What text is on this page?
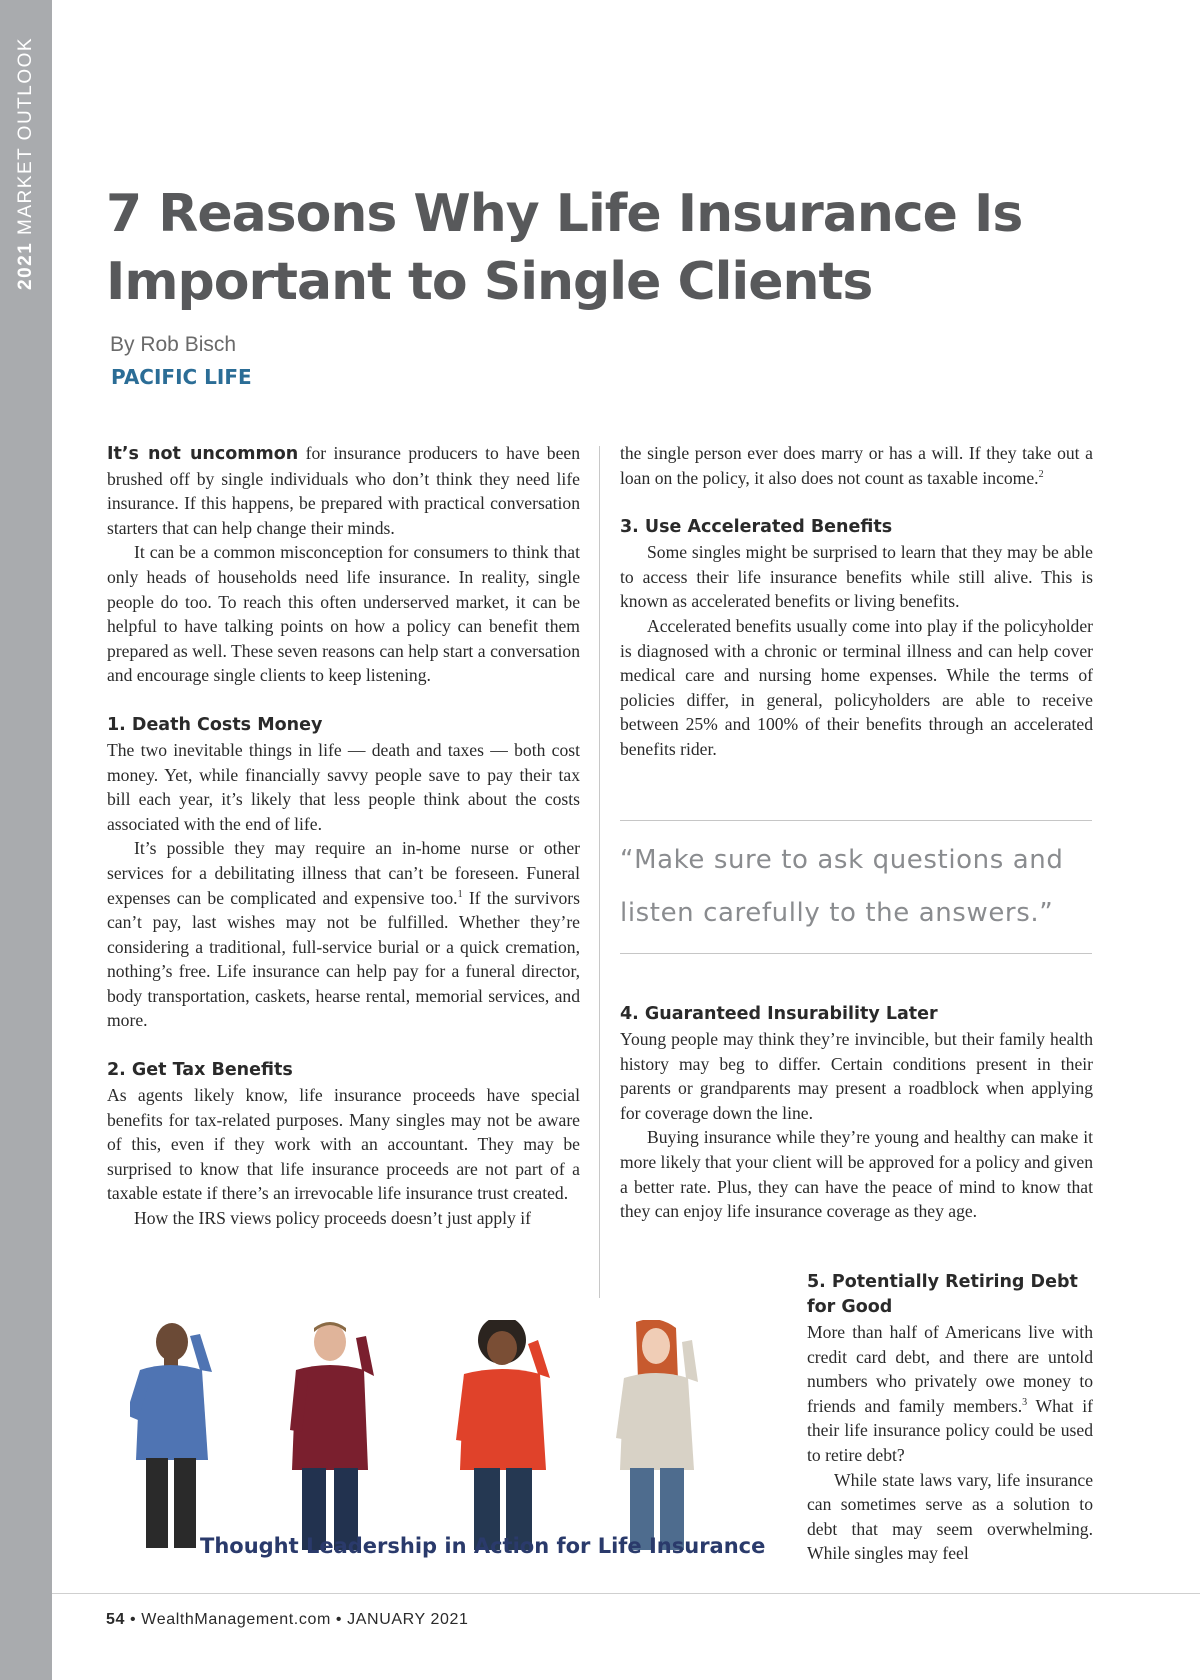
2021 MARKET OUTLOOK 7 Reasons Why Life Insurance Is
Important to Single Clients
By Rob Bisch
PACIFIC LIFE

It’s not uncommon for insurance producers to have been brushed off by single individuals who don’t think they need life insurance. If this happens, be prepared with practical conversation starters that can help change their minds.

It can be a common misconception for consumers to think that only heads of households need life insurance. In reality, single people do too. To reach this often underserved market, it can be helpful to have talking points on how a policy can benefit them prepared as well. These seven reasons can help start a conversation and encourage single clients to keep listening.

1. Death Costs Money

The two inevitable things in life — death and taxes — both cost money. Yet, while financially savvy people save to pay their tax bill each year, it’s likely that less people think about the costs associated with the end of life.

It’s possible they may require an in-home nurse or other services for a debilitating illness that can’t be foreseen. Funeral expenses can be complicated and expensive too.$^1$ If the survivors can’t pay, last wishes may not be fulfilled. Whether they’re considering a traditional, full-service burial or a quick cremation, nothing’s free. Life insurance can help pay for a funeral director, body transportation, caskets, hearse rental, memorial services, and more.

2. Get Tax Benefits

As agents likely know, life insurance proceeds have special benefits for tax-related purposes. Many singles may not be aware of this, even if they work with an accountant. They may be surprised to know that life insurance proceeds are not part of a taxable estate if there’s an irrevocable life insurance trust created.

How the IRS views policy proceeds doesn’t just apply if

the single person ever does marry or has a will. If they take out a loan on the policy, it also does not count as taxable income.$^2$

3. Use Accelerated Benefits

Some singles might be surprised to learn that they may be able to access their life insurance benefits while still alive. This is known as accelerated benefits or living benefits.

Accelerated benefits usually come into play if the policyholder is diagnosed with a chronic or terminal illness and can help cover medical care and nursing home expenses. While the terms of policies differ, in general, policyholders are able to receive between 25% and 100% of their benefits through an accelerated benefits rider.

“Make sure to ask questions and listen carefully to the answers.”
4. Guaranteed Insurability Later

Young people may think they’re invincible, but their family health history may beg to differ. Certain conditions present in their parents or grandparents may present a roadblock when applying for coverage down the line.

Buying insurance while they’re young and healthy can make it more likely that your client will be approved for a policy and given a better rate. Plus, they can have the peace of mind to know that they can enjoy life insurance coverage as they age.

5. Potentially Retiring Debt for Good

More than half of Americans live with credit card debt, and there are untold numbers who privately owe money to friends and family members.$^3$ What if their life insurance policy could be used to retire debt?

While state laws vary, life insurance can sometimes serve as a solution to debt that may seem overwhelming. While singles may feel

Thought Leadership in Action for Life Insurance
54 • WealthManagement.com • JANUARY 2021
